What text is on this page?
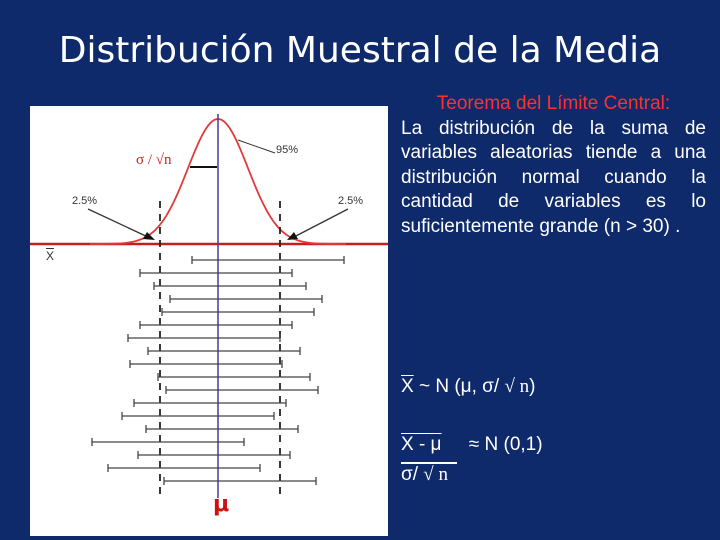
Distribución Muestral de la Media
σ / √n
95%
2.5%	2.5%
$\overline{X}$
μ
Teorema del Límite Central:
La distribución de la suma de variables aleatorias tiende a una distribución normal cuando la cantidad de variables es lo suficientemente grande (n > 30) .
$\overline{X}$ ~ N (μ, σ/ √ n)
X - μ ≈ N (0,1)
σ/ √ n
